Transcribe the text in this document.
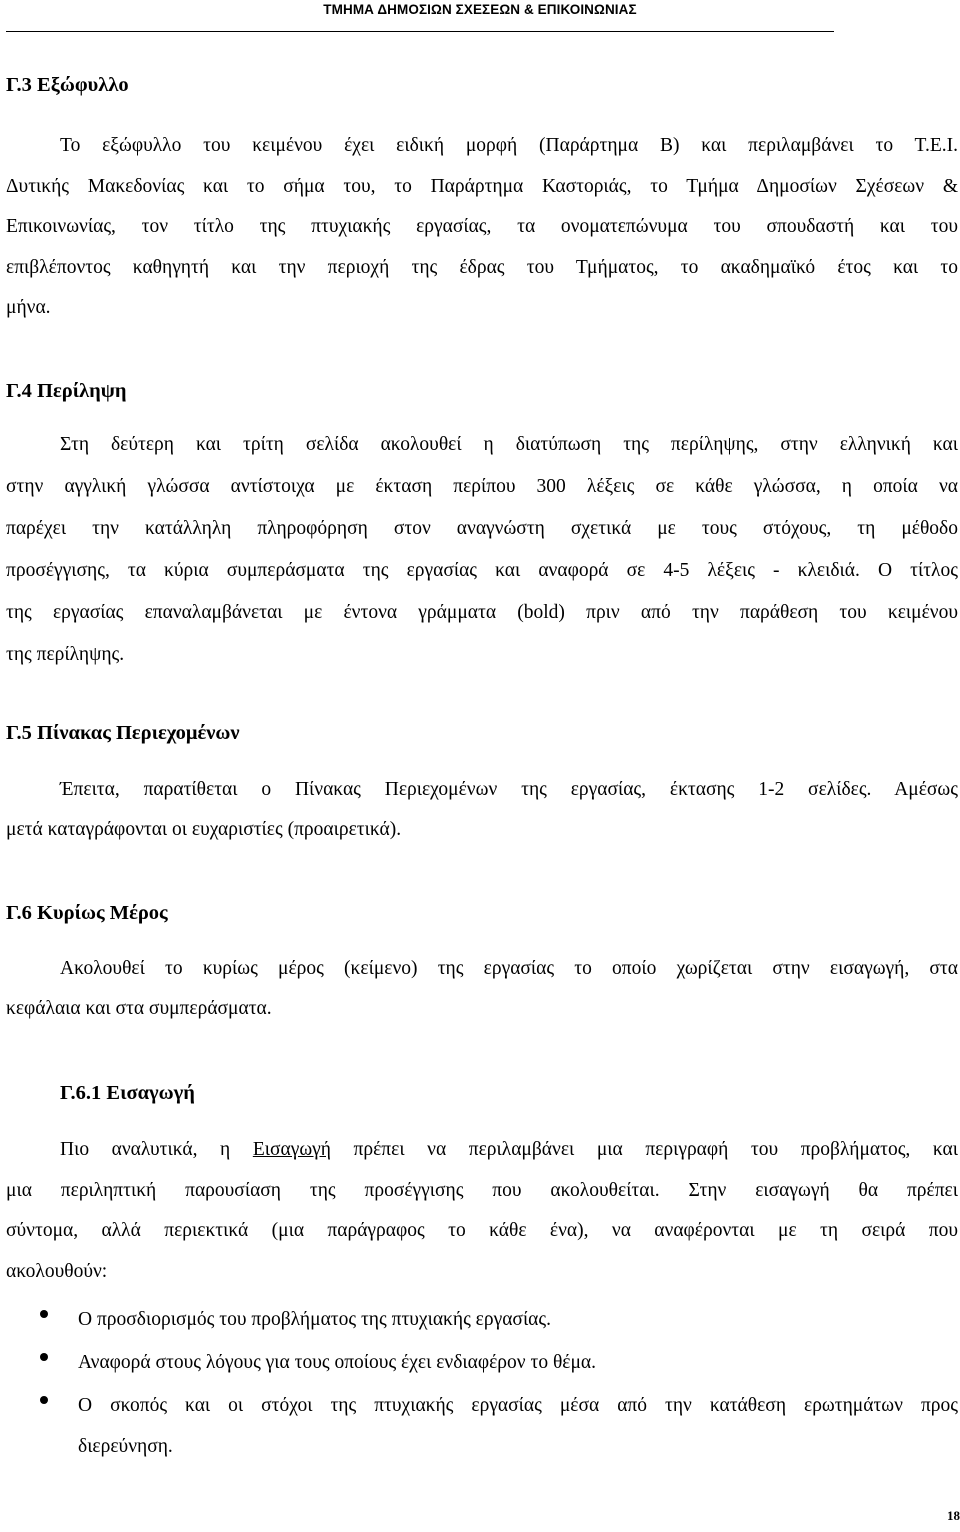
ΤΜΗΜΑ ΔΗΜΟΣΙΩΝ ΣΧΕΣΕΩΝ & ΕΠΙΚΟΙΝΩΝΙΑΣ
Γ.3 Εξώφυλλο
Το εξώφυλλο του κειμένου έχει ειδική μορφή (Παράρτημα Β) και περιλαμβάνει το Τ.Ε.Ι.
Δυτικής Μακεδονίας και το σήμα του, το Παράρτημα Καστοριάς, το Τμήμα Δημοσίων Σχέσεων &
Επικοινωνίας, τον τίτλο της πτυχιακής εργασίας, τα ονοματεπώνυμα του σπουδαστή και του
επιβλέποντος καθηγητή και την περιοχή της έδρας του Τμήματος, το ακαδημαϊκό έτος και το
μήνα.
Γ.4 Περίληψη
Στη δεύτερη και τρίτη σελίδα ακολουθεί η διατύπωση της περίληψης, στην ελληνική και
στην αγγλική γλώσσα αντίστοιχα με έκταση περίπου 300 λέξεις σε κάθε γλώσσα, η οποία να
παρέχει την κατάλληλη πληροφόρηση στον αναγνώστη σχετικά με τους στόχους, τη μέθοδο
προσέγγισης, τα κύρια συμπεράσματα της εργασίας και αναφορά σε 4-5 λέξεις - κλειδιά. Ο τίτλος
της εργασίας επαναλαμβάνεται με έντονα γράμματα (bold) πριν από την παράθεση του κειμένου
της περίληψης.
Γ.5 Πίνακας Περιεχομένων
Έπειτα, παρατίθεται ο Πίνακας Περιεχομένων της εργασίας, έκτασης 1-2 σελίδες. Αμέσως
μετά καταγράφονται οι ευχαριστίες (προαιρετικά).
Γ.6 Κυρίως Μέρος
Ακολουθεί το κυρίως μέρος (κείμενο) της εργασίας το οποίο χωρίζεται στην εισαγωγή, στα
κεφάλαια και στα συμπεράσματα.
Γ.6.1 Εισαγωγή
Πιο αναλυτικά, η Εισαγωγή πρέπει να περιλαμβάνει μια περιγραφή του προβλήματος, και
μια περιληπτική παρουσίαση της προσέγγισης που ακολουθείται. Στην εισαγωγή θα πρέπει
σύντομα, αλλά περιεκτικά (μια παράγραφος το κάθε ένα), να αναφέρονται με τη σειρά που
ακολουθούν:
Ο προσδιορισμός του προβλήματος της πτυχιακής εργασίας.
Αναφορά στους λόγους για τους οποίους έχει ενδιαφέρον το θέμα.
Ο σκοπός και οι στόχοι της πτυχιακής εργασίας μέσα από την κατάθεση ερωτημάτων προς
διερεύνηση.
18
